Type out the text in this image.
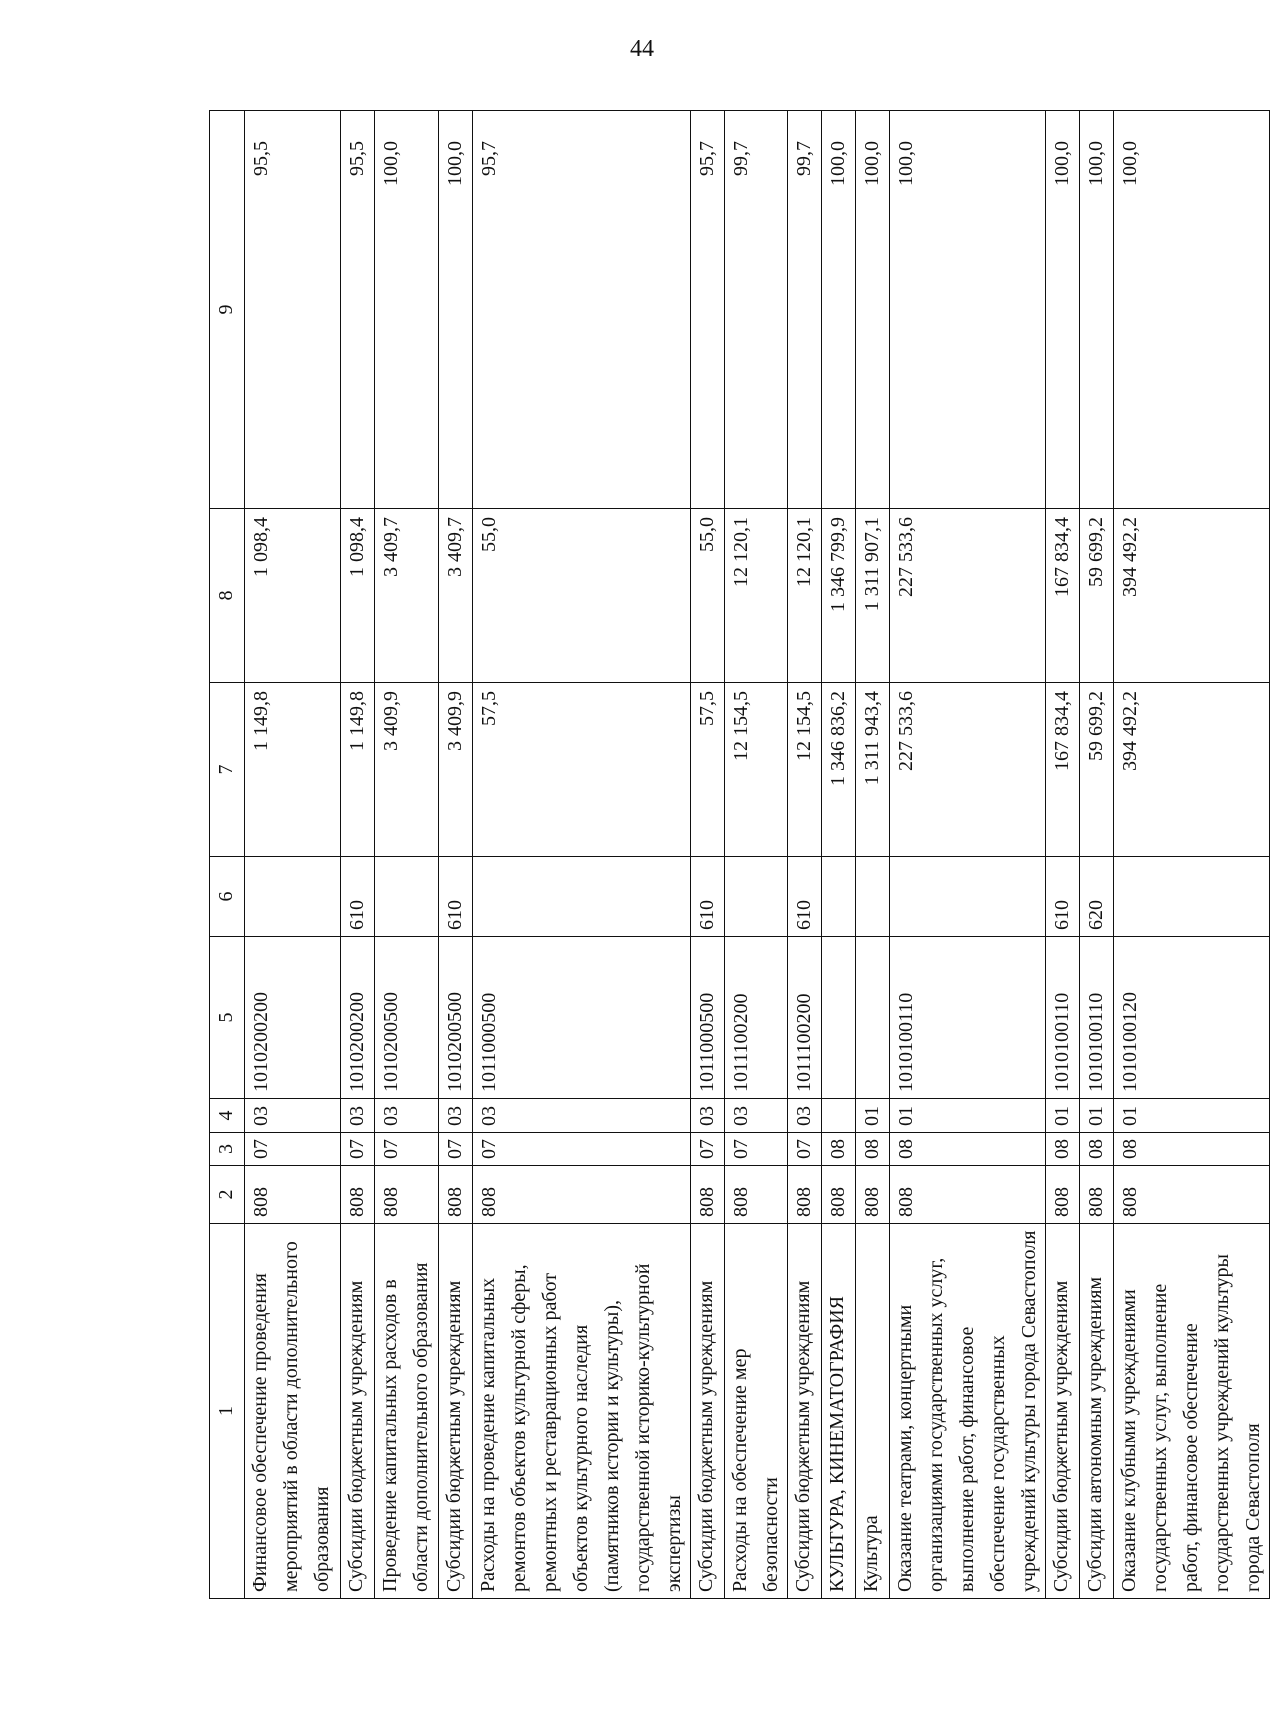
44
1	2	3	4	5	6	7	8	9
Финансовое обеспечение проведения мероприятий в области дополнительного образования	808	07	03	1010200200		1 149,8	1 098,4	95,5
Субсидии бюджетным учреждениям	808	07	03	1010200200	610	1 149,8	1 098,4	95,5
Проведение капитальных расходов в области дополнительного образования	808	07	03	1010200500		3 409,9	3 409,7	100,0
Субсидии бюджетным учреждениям	808	07	03	1010200500	610	3 409,9	3 409,7	100,0
Расходы на проведение капитальных ремонтов объектов культурной сферы, ремонтных и реставрационных работ объектов культурного наследия (памятников истории и культуры), государственной историко-культурной экспертизы	808	07	03	1011000500		57,5	55,0	95,7
Субсидии бюджетным учреждениям	808	07	03	1011000500	610	57,5	55,0	95,7
Расходы на обеспечение мер безопасности	808	07	03	1011100200		12 154,5	12 120,1	99,7
Субсидии бюджетным учреждениям	808	07	03	1011100200	610	12 154,5	12 120,1	99,7
КУЛЬТУРА, КИНЕМАТОГРАФИЯ	808	08				1 346 836,2	1 346 799,9	100,0
Культура	808	08	01			1 311 943,4	1 311 907,1	100,0
Оказание театрами, концертными организациями государственных услуг, выполнение работ, финансовое обеспечение государственных учреждений культуры города Севастополя	808	08	01	1010100110		227 533,6	227 533,6	100,0
Субсидии бюджетным учреждениям	808	08	01	1010100110	610	167 834,4	167 834,4	100,0
Субсидии автономным учреждениям	808	08	01	1010100110	620	59 699,2	59 699,2	100,0
Оказание клубными учреждениями государственных услуг, выполнение работ, финансовое обеспечение государственных учреждений культуры города Севастополя	808	08	01	1010100120		394 492,2	394 492,2	100,0
